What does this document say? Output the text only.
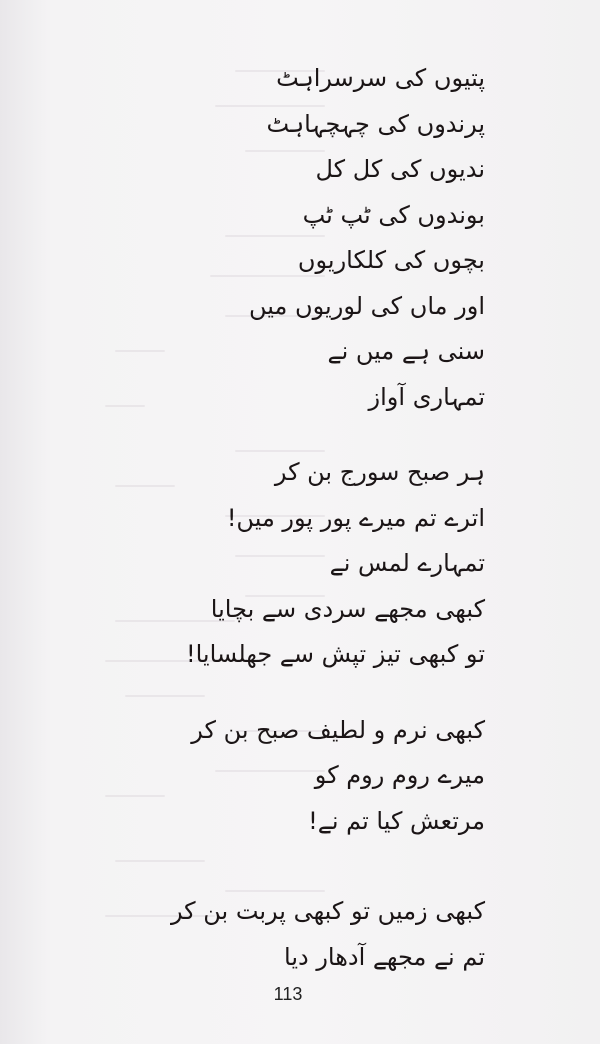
پتیوں کی سرسراہٹ
پرندوں کی چہچہاہٹ
ندیوں کی کل کل
بوندوں کی ٹپ ٹپ
بچوں کی کلکاریوں
اور ماں کی لوریوں میں
سنی ہے میں نے
تمہاری آواز
ہر صبح سورج بن کر
اترے تم میرے پور پور میں!
تمہارے لمس نے
کبھی مجھے سردی سے بچایا
تو کبھی تیز تپش سے جھلسایا!
کبھی نرم و لطیف صبح بن کر
میرے روم روم کو
مرتعش کیا تم نے!
کبھی زمیں تو کبھی پربت بن کر
تم نے مجھے آدھار دیا
113
